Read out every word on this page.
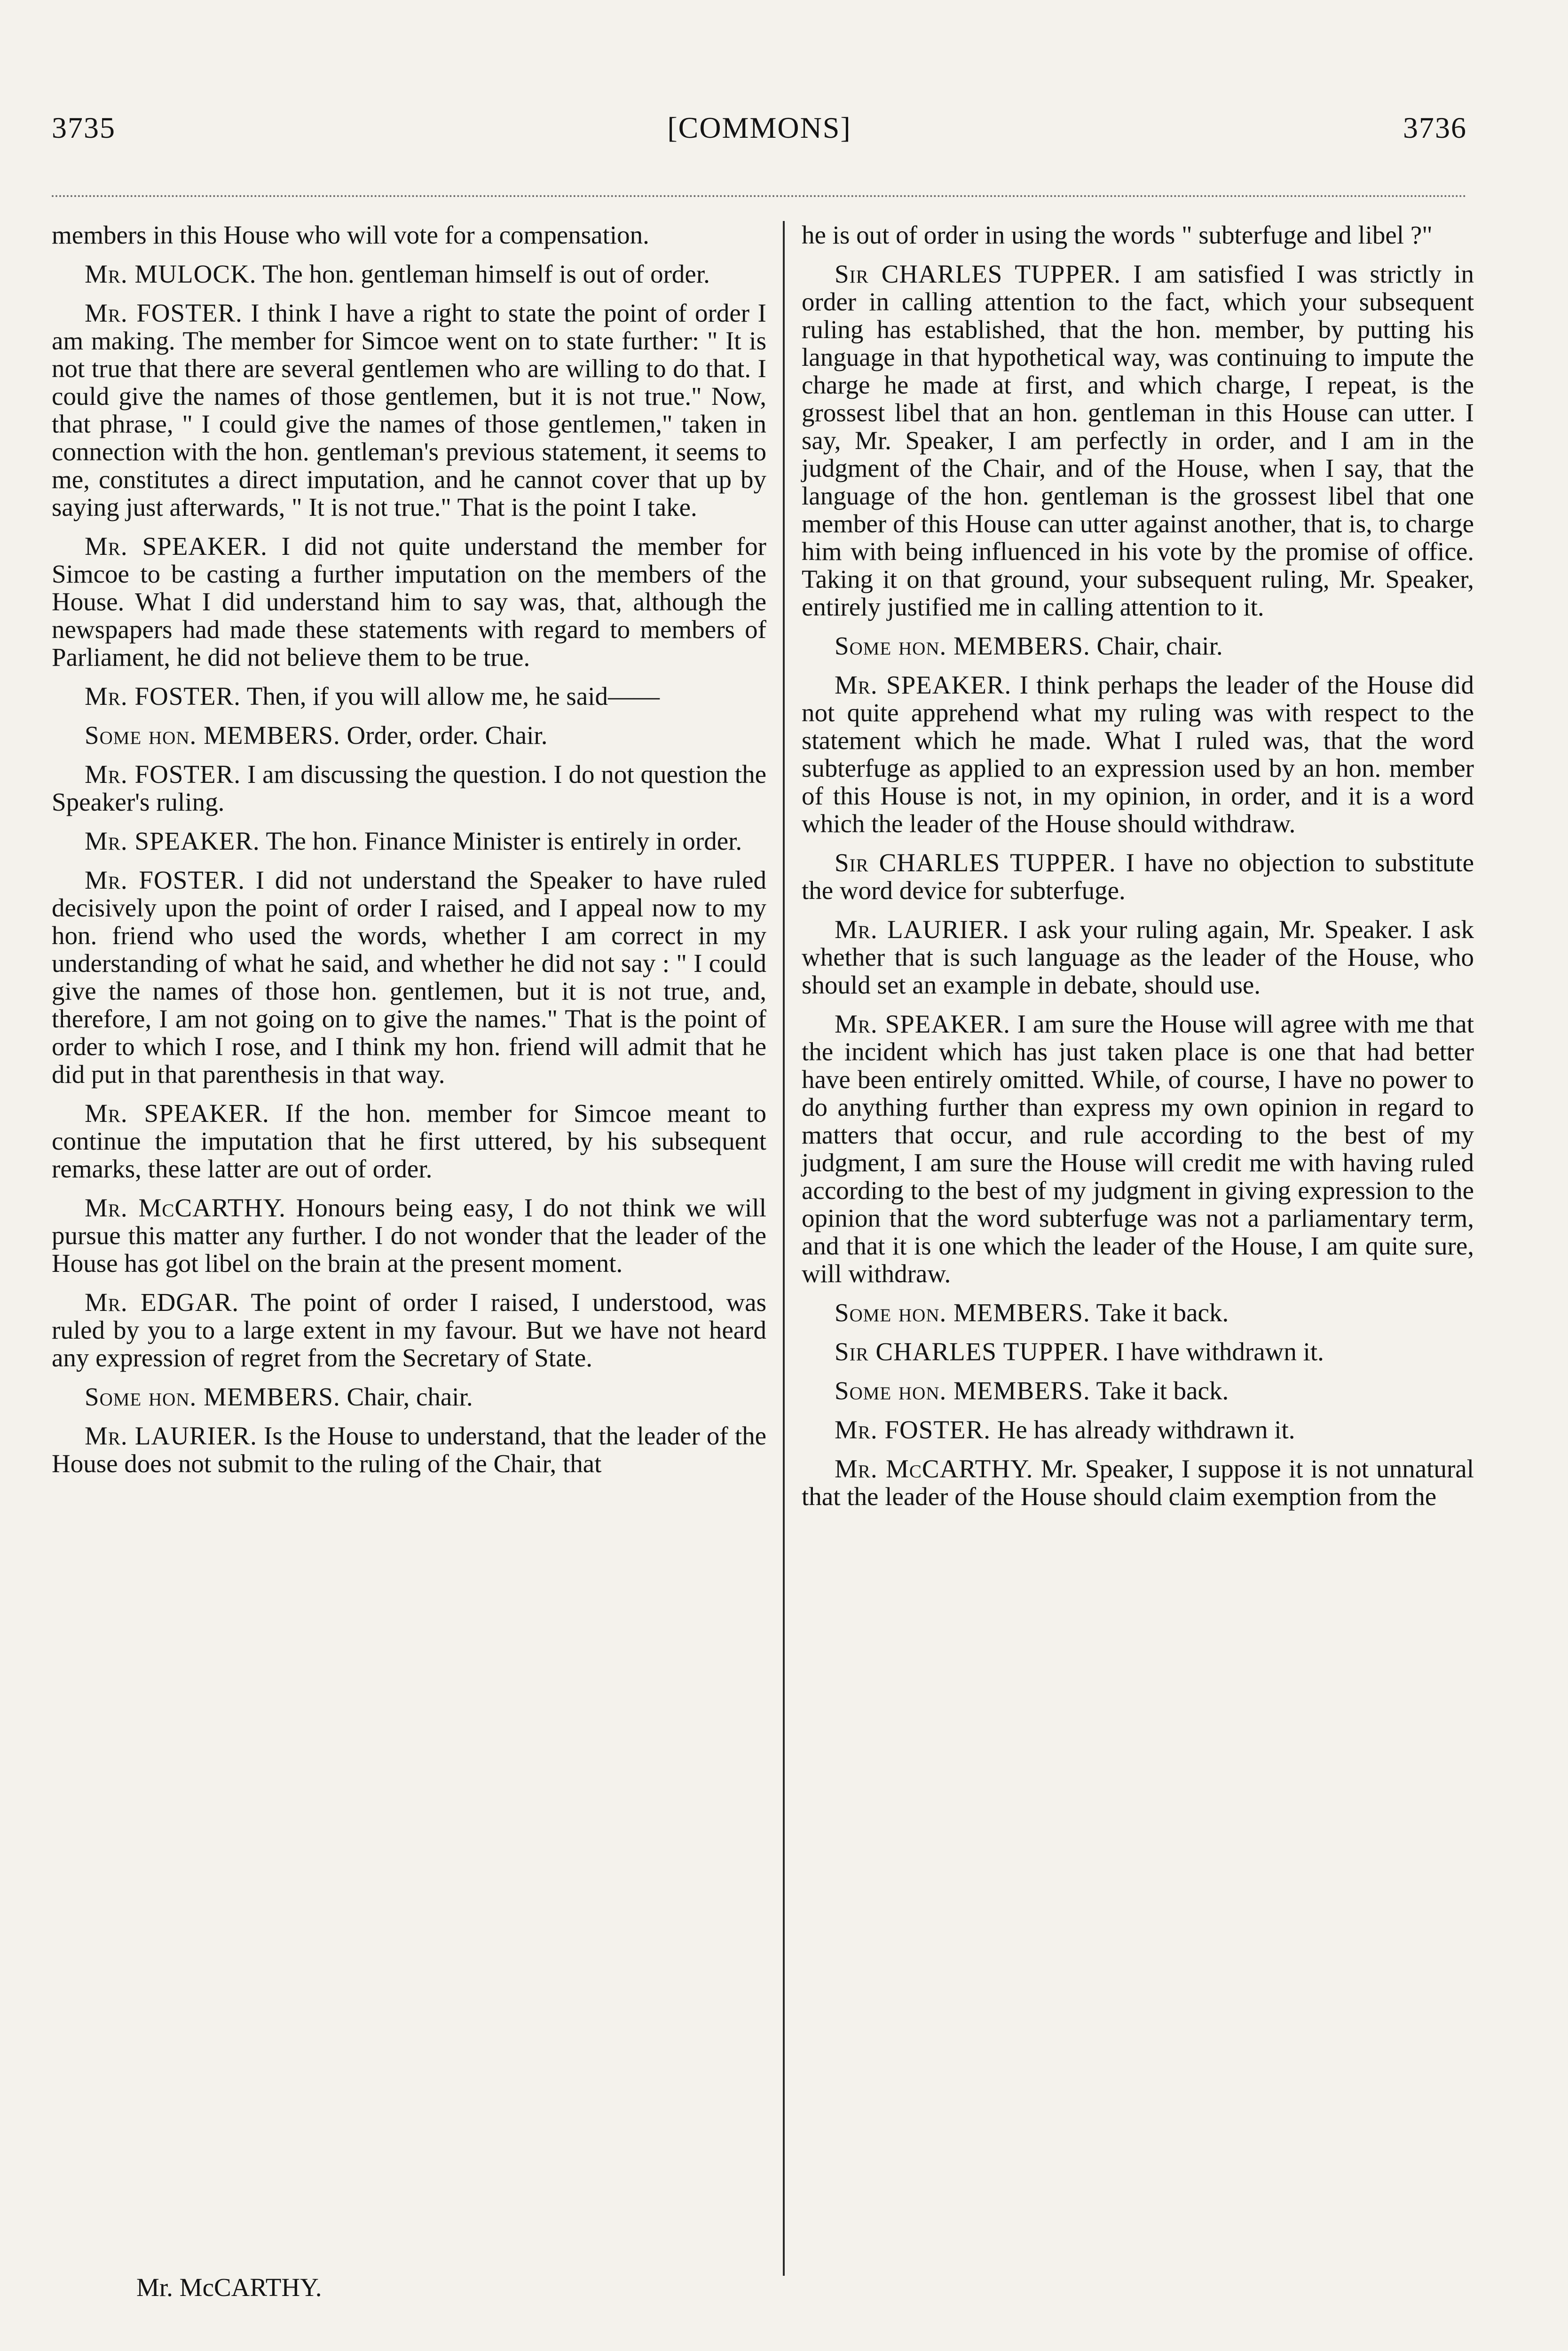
3735	[COMMONS]	3736

members in this House who will vote for a compensation.

Mr. MULOCK. The hon. gentleman himself is out of order.

Mr. FOSTER. I think I have a right to state the point of order I am making. The member for Simcoe went on to state further: " It is not true that there are several gentlemen who are willing to do that. I could give the names of those gentlemen, but it is not true." Now, that phrase, " I could give the names of those gentlemen," taken in connection with the hon. gentleman's previous statement, it seems to me, constitutes a direct imputation, and he cannot cover that up by saying just afterwards, " It is not true." That is the point I take.

Mr. SPEAKER. I did not quite understand the member for Simcoe to be casting a further imputation on the members of the House. What I did understand him to say was, that, although the newspapers had made these statements with regard to members of Parliament, he did not believe them to be true.

Mr. FOSTER. Then, if you will allow me, he said——

Some hon. MEMBERS. Order, order. Chair.

Mr. FOSTER. I am discussing the question. I do not question the Speaker's ruling.

Mr. SPEAKER. The hon. Finance Minister is entirely in order.

Mr. FOSTER. I did not understand the Speaker to have ruled decisively upon the point of order I raised, and I appeal now to my hon. friend who used the words, whether I am correct in my understanding of what he said, and whether he did not say : " I could give the names of those hon. gentlemen, but it is not true, and, therefore, I am not going on to give the names." That is the point of order to which I rose, and I think my hon. friend will admit that he did put in that parenthesis in that way.

Mr. SPEAKER. If the hon. member for Simcoe meant to continue the imputation that he first uttered, by his subsequent remarks, these latter are out of order.

Mr. McCARTHY. Honours being easy, I do not think we will pursue this matter any further. I do not wonder that the leader of the House has got libel on the brain at the present moment.

Mr. EDGAR. The point of order I raised, I understood, was ruled by you to a large extent in my favour. But we have not heard any expression of regret from the Secretary of State.

Some hon. MEMBERS. Chair, chair.

Mr. LAURIER. Is the House to understand, that the leader of the House does not submit to the ruling of the Chair, that

he is out of order in using the words " subterfuge and libel ?"

Sir CHARLES TUPPER. I am satisfied I was strictly in order in calling attention to the fact, which your subsequent ruling has established, that the hon. member, by putting his language in that hypothetical way, was continuing to impute the charge he made at first, and which charge, I repeat, is the grossest libel that an hon. gentleman in this House can utter. I say, Mr. Speaker, I am perfectly in order, and I am in the judgment of the Chair, and of the House, when I say, that the language of the hon. gentleman is the grossest libel that one member of this House can utter against another, that is, to charge him with being influenced in his vote by the promise of office. Taking it on that ground, your subsequent ruling, Mr. Speaker, entirely justified me in calling attention to it.

Some hon. MEMBERS. Chair, chair.

Mr. SPEAKER. I think perhaps the leader of the House did not quite apprehend what my ruling was with respect to the statement which he made. What I ruled was, that the word subterfuge as applied to an expression used by an hon. member of this House is not, in my opinion, in order, and it is a word which the leader of the House should withdraw.

Sir CHARLES TUPPER. I have no objection to substitute the word device for subterfuge.

Mr. LAURIER. I ask your ruling again, Mr. Speaker. I ask whether that is such language as the leader of the House, who should set an example in debate, should use.

Mr. SPEAKER. I am sure the House will agree with me that the incident which has just taken place is one that had better have been entirely omitted. While, of course, I have no power to do anything further than express my own opinion in regard to matters that occur, and rule according to the best of my judgment, I am sure the House will credit me with having ruled according to the best of my judgment in giving expression to the opinion that the word subterfuge was not a parliamentary term, and that it is one which the leader of the House, I am quite sure, will withdraw.

Some hon. MEMBERS. Take it back.

Sir CHARLES TUPPER. I have withdrawn it.

Some hon. MEMBERS. Take it back.

Mr. FOSTER. He has already withdrawn it.

Mr. McCARTHY. Mr. Speaker, I suppose it is not unnatural that the leader of the House should claim exemption from the

Mr. McCARTHY.
